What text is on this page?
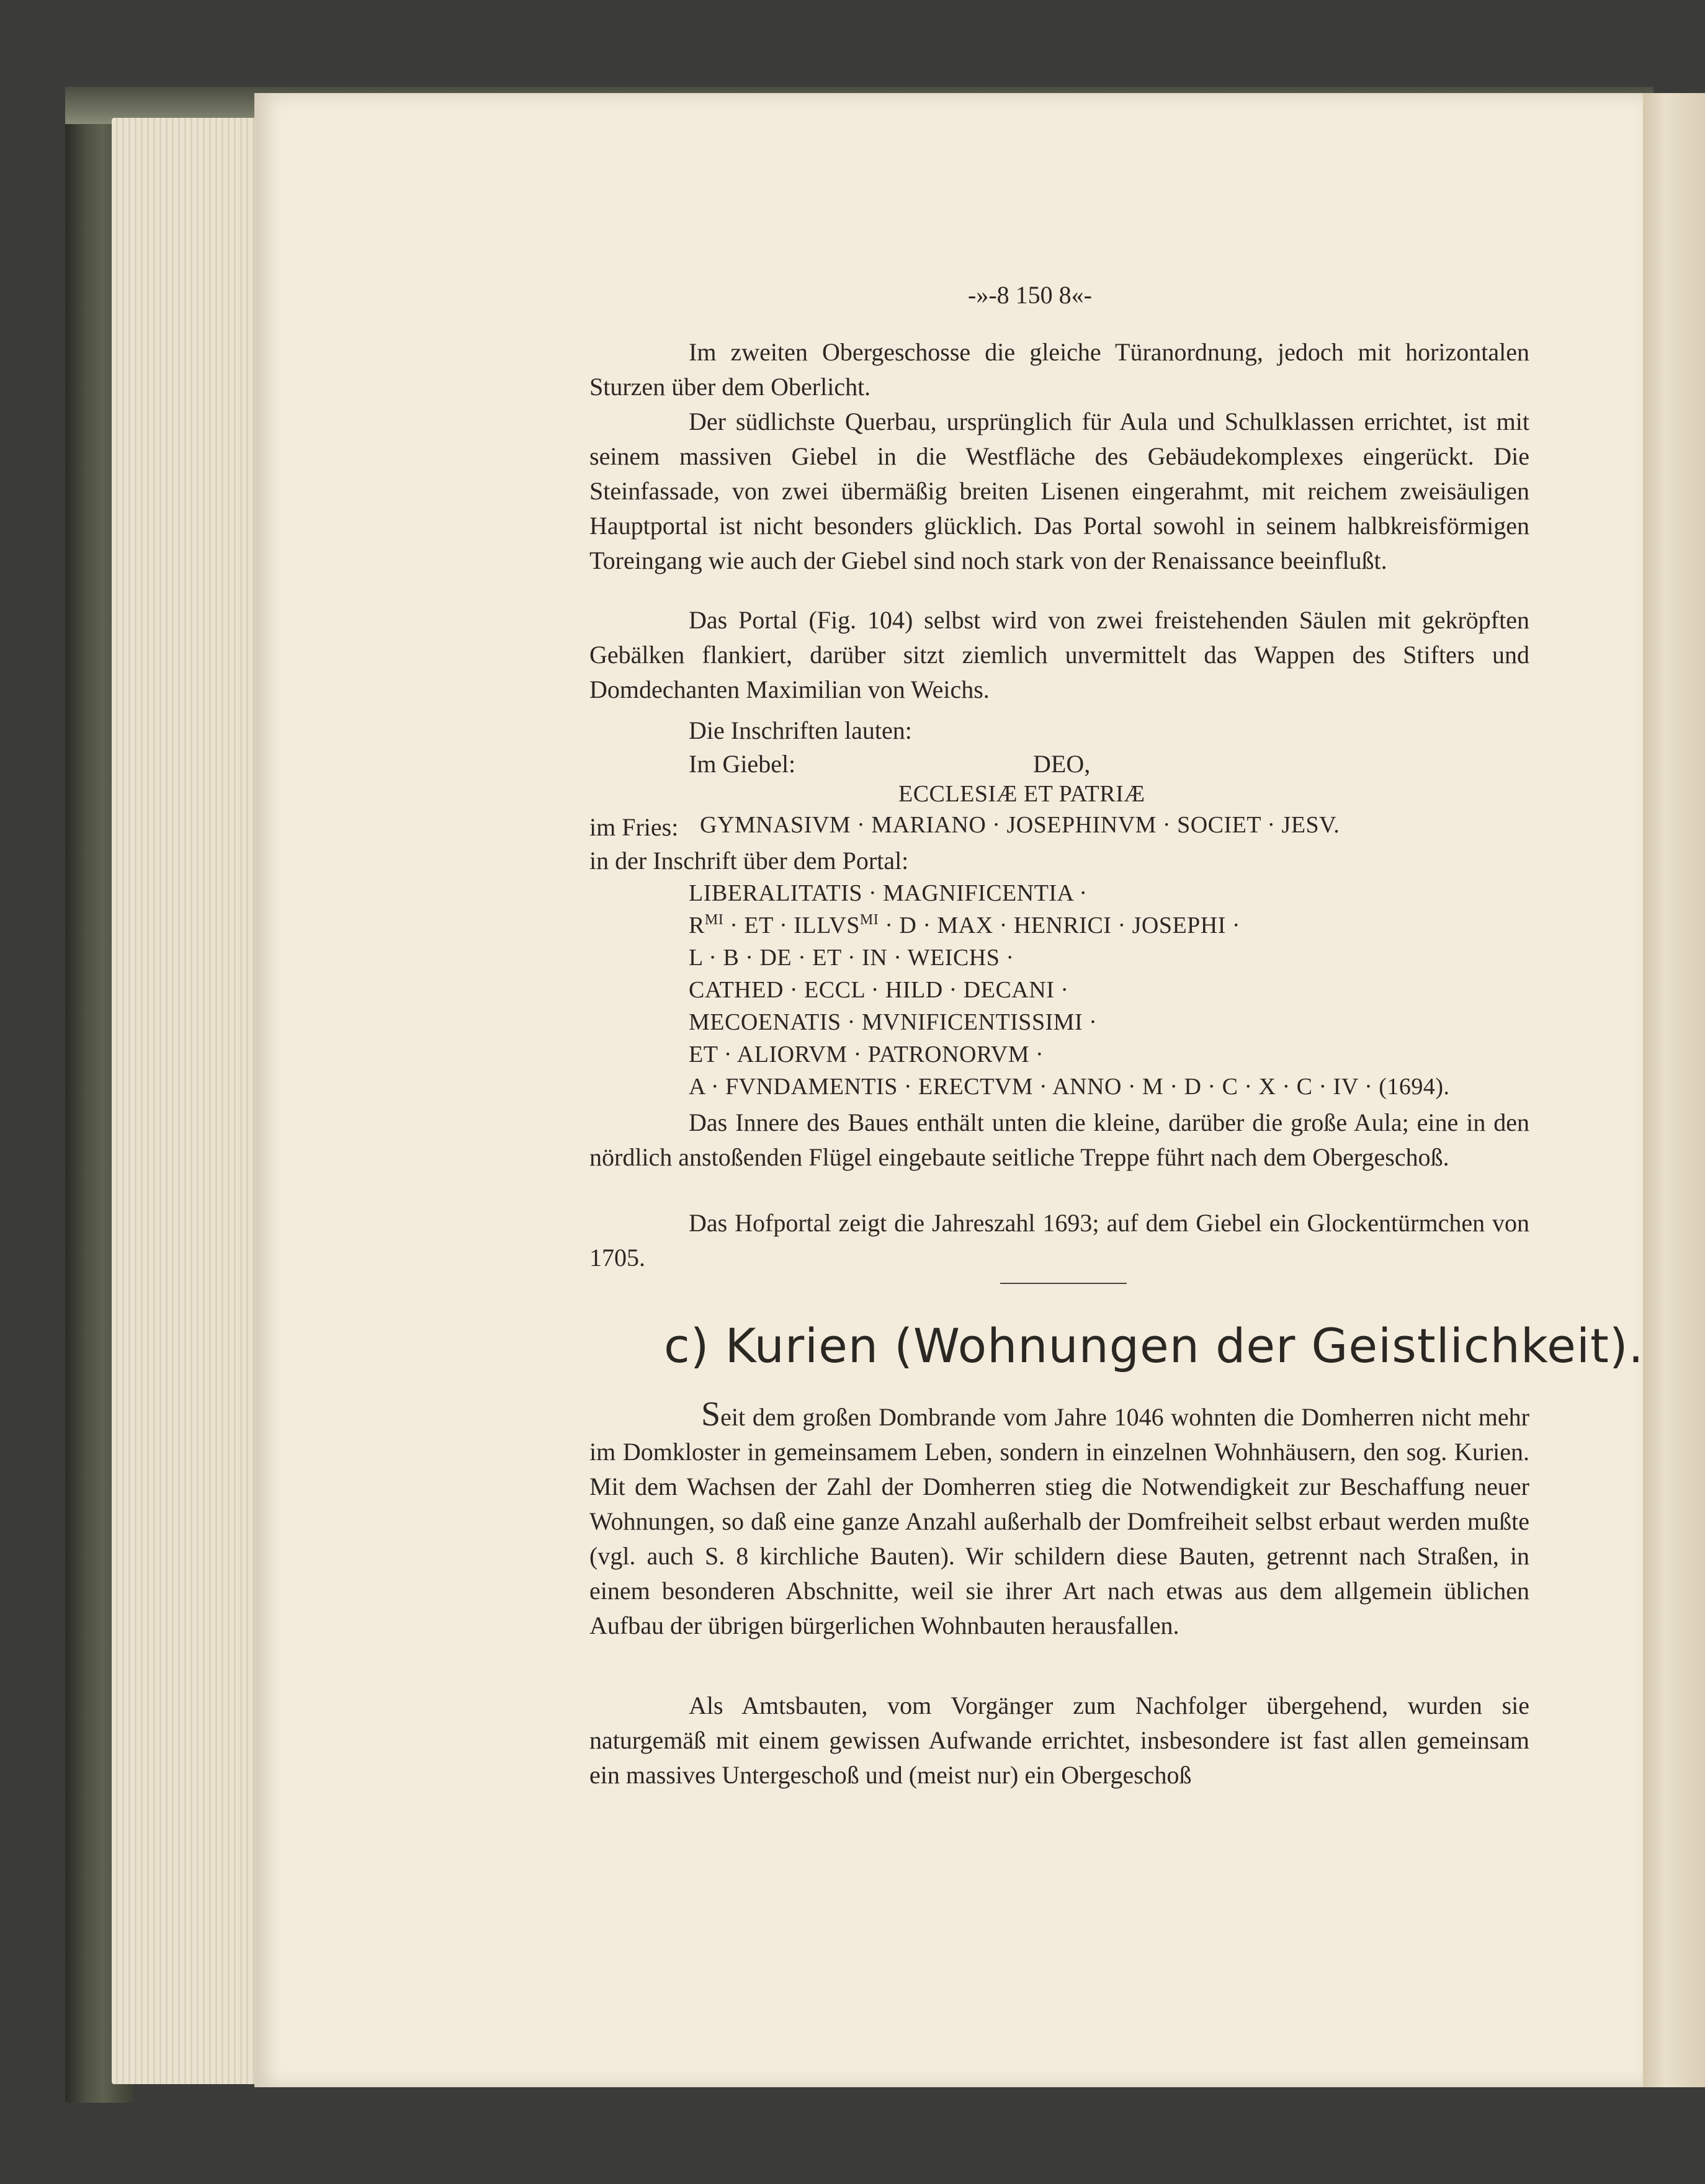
-»-8 150 8«-
Im zweiten Obergeschosse die gleiche Türanordnung, jedoch mit horizontalen Sturzen über dem Oberlicht.
Der südlichste Querbau, ursprünglich für Aula und Schulklassen errichtet, ist mit seinem massiven Giebel in die Westfläche des Gebäudekomplexes eingerückt. Die Steinfassade, von zwei übermäßig breiten Lisenen eingerahmt, mit reichem zweisäuligen Hauptportal ist nicht besonders glücklich. Das Portal sowohl in seinem halbkreisförmigen Toreingang wie auch der Giebel sind noch stark von der Renaissance beeinflußt.
Das Portal (Fig. 104) selbst wird von zwei freistehenden Säulen mit gekröpften Gebälken flankiert, darüber sitzt ziemlich unvermittelt das Wappen des Stifters und Domdechanten Maximilian von Weichs.
Die Inschriften lauten:
Im Giebel:	DEO,
ECCLESIÆ ET PATRIÆ
im Fries: GYMNASIVM · MARIANO · JOSEPHINVM · SOCIET · JESV.
in der Inschrift über dem Portal:
LIBERALITATIS · MAGNIFICENTIA ·
$R^{MI}$ · ET · $ILLVS^{MI} \cdot D$ · MAX · HENRICI · JOSEPHI ·
L · B · DE · ET · IN · WEICHS ·
CATHED · ECCL · HILD · DECANI ·
MECOENATIS · MVNIFICENTISSIMI ·
ET · ALIORVM · PATRONORVM ·
A · FVNDAMENTIS · ERECTVM · ANNO · M · D · C · X · C · IV · (1694).
Das Innere des Baues enthält unten die kleine, darüber die große Aula; eine in den nördlich anstoßenden Flügel eingebaute seitliche Treppe führt nach dem Obergeschoß.
Das Hofportal zeigt die Jahreszahl 1693; auf dem Giebel ein Glockentürmchen von 1705.
c) Kurien (Wohnungen der Geistlichkeit).
Seit dem großen Dombrande vom Jahre 1046 wohnten die Domherren nicht mehr im Domkloster in gemeinsamem Leben, sondern in einzelnen Wohnhäusern, den sog. Kurien. Mit dem Wachsen der Zahl der Domherren stieg die Notwendigkeit zur Beschaffung neuer Wohnungen, so daß eine ganze Anzahl außerhalb der Domfreiheit selbst erbaut werden mußte (vgl. auch S. 8 kirchliche Bauten). Wir schildern diese Bauten, getrennt nach Straßen, in einem besonderen Abschnitte, weil sie ihrer Art nach etwas aus dem allgemein üblichen Aufbau der übrigen bürgerlichen Wohnbauten herausfallen.
Als Amtsbauten, vom Vorgänger zum Nachfolger übergehend, wurden sie naturgemäß mit einem gewissen Aufwande errichtet, insbesondere ist fast allen gemeinsam ein massives Untergeschoß und (meist nur) ein Obergeschoß
